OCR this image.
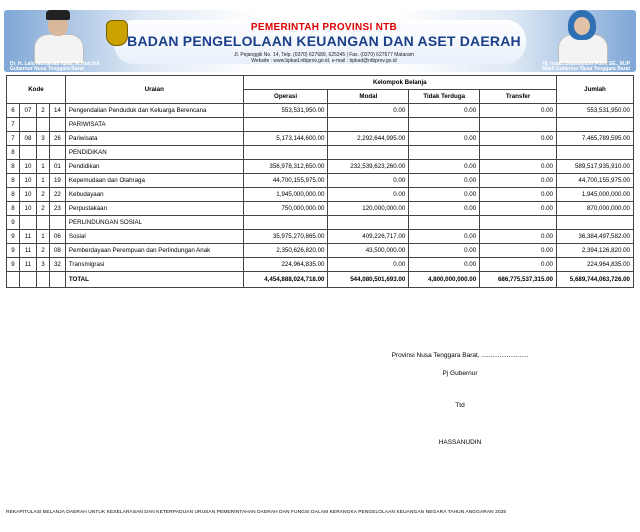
PEMERINTAH PROVINSI NTB
BADAN PENGELOLAAN KEUANGAN DAN ASET DAERAH
Jl. Pejanggik No. 14, Telp. (0370) 627689, 625345 | Fax. (0370) 627677 Mataram
Website : www.bpkad.ntbprov.go.id, e-mail : bpkad@ntbprov.go.id
Dr. H. Lalu Muhamad Iqbal, M.Hub.Intl
Gubernur Nusa Tenggara Barat
Hj. Indah Dhamayanti Putri, SE., M.IP
Wakil Gubernur Nusa Tenggara Barat
Kode				Uraian	Kelompok Belanja				Jumlah
					Operasi	Modal	Tidak Terduga	Transfer	
6	07	2	14	Pengendalian Penduduk dan Keluarga Berencana	553,531,950.00	0.00	0.00	0.00	553,531,950.00
7				PARIWISATA					
7	08	3	26	Pariwisata	5,173,144,600.00	2,292,644,995.00	0.00	0.00	7,465,789,595.00
8				PENDIDIKAN					
8	10	1	01	Pendidikan	356,978,312,650.00	232,539,623,260.00	0.00	0.00	589,517,935,910.00
8	10	1	19	Kepemudaan dan Olahraga	44,700,155,975.00	0.00	0.00	0.00	44,700,155,975.00
8	10	2	22	Kebudayaan	1,945,000,000.00	0.00	0.00	0.00	1,945,000,000.00
8	10	2	23	Perpustakaan	750,000,000.00	120,000,000.00	0.00	0.00	870,000,000.00
9				PERLINDUNGAN SOSIAL					
9	11	1	06	Sosial	35,975,270,865.00	409,226,717.00	0.00	0.00	36,384,497,582.00
9	11	2	08	Pemberdayaan Perempuan dan Perlindungan Anak	2,350,626,820.00	43,500,000.00	0.00	0.00	2,394,126,820.00
9	11	3	32	Transmigrasi	224,964,835.00	0.00	0.00	0.00	224,964,835.00
				TOTAL	4,454,888,024,718.00	544,080,501,693.00	4,800,000,000.00	686,775,537,315.00	5,689,744,063,726.00
Provinsi Nusa Tenggara Barat, ..........................
Pj Gubernur
Ttd
HASSANUDIN
REKAPITULASI BELANJA DAERAH UNTUK KESELARASAN DAN KETERPADUAN URUSAN PEMERINTAHAN DAERAH DAN FUNGSI DALAM KERANGKA PENGELOLAAN KEUANGAN NEGARA TAHUN ANGGARAN 2025
